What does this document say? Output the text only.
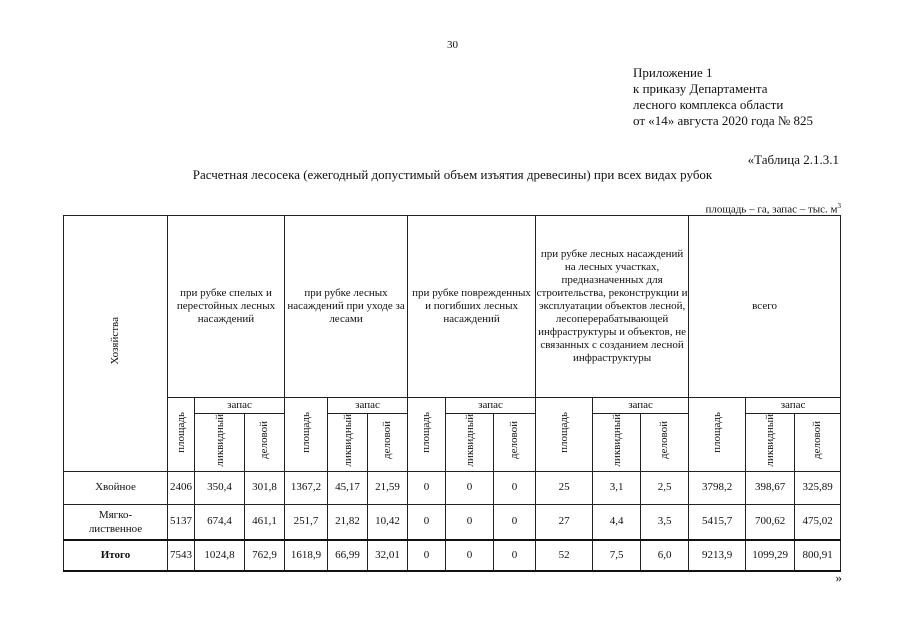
30
Приложение 1
к приказу Департамента
лесного комплекса области
от «14» августа 2020 года № 825
«Таблица 2.1.3.1
Расчетная лесосека (ежегодный допустимый объем изъятия древесины) при всех видах рубок
площадь – га, запас – тыс. $м^3$
Хозяйства	при рубке спелых и перестойных лесных насаждений			при рубке лесных насаждений при уходе за лесами			при рубке поврежденных и погибших лесных насаждений			при рубке лесных насаждений на лесных участках, предназначенных для строительства, реконструкции и эксплуатации объектов лесной, лесоперерабатывающей инфраструктуры и объектов, не связанных с созданием лесной инфраструктуры			всего		
	площадь	запас		площадь	запас		площадь	запас		площадь	запас		площадь	запас	
		ликвидный	деловой		ликвидный	деловой		ликвидный	деловой		ликвидный	деловой		ликвидный	деловой
Хвойное	2406	350,4	301,8	1367,2	45,17	21,59	0	0	0	25	3,1	2,5	3798,2	398,67	325,89
Мягко-лиственное	5137	674,4	461,1	251,7	21,82	10,42	0	0	0	27	4,4	3,5	5415,7	700,62	475,02
Итого	7543	1024,8	762,9	1618,9	66,99	32,01	0	0	0	52	7,5	6,0	9213,9	1099,29	800,91
»
